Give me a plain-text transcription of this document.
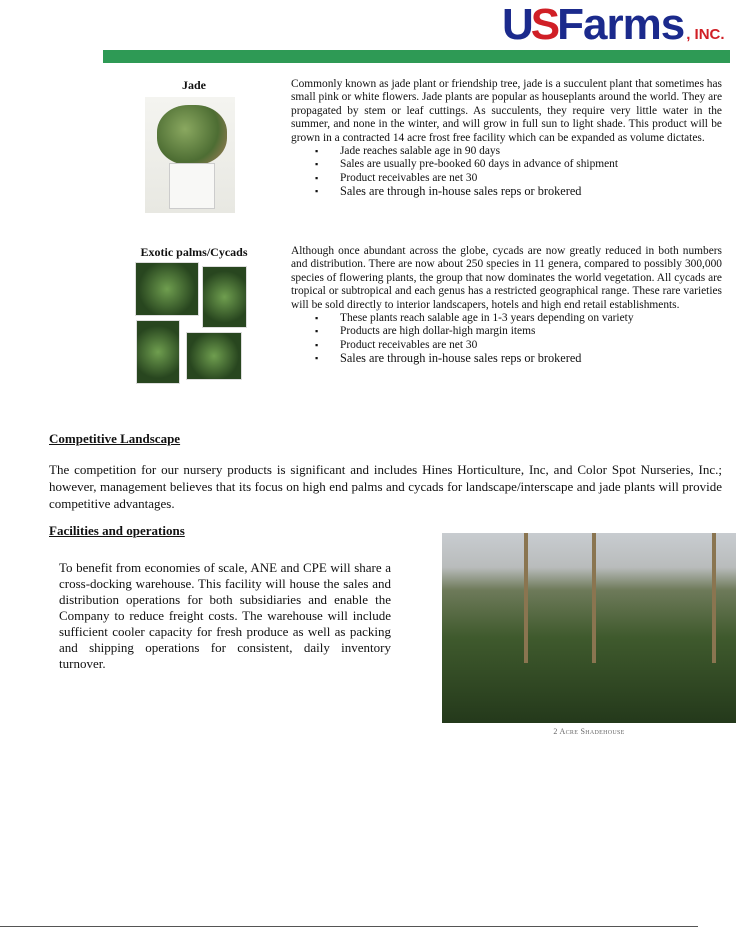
USFarms , INC.
Jade	Commonly known as jade plant or friendship tree, jade is a succulent plant that sometimes has small pink or white flowers. Jade plants are popular as houseplants around the world. They are propagated by stem or leaf cuttings. As succulents, they require very little water in the summer, and none in the winter, and will grow in full sun to light shade. This product will be grown in a contracted 14 acre frost free facility which can be expanded as volume dictates.

▪ Jade reaches salable age in 90 days
▪ Sales are usually pre-booked 60 days in advance of shipment
▪ Product receivables are net 30
▪ Sales are through in-house sales reps or brokered
Exotic palms/Cycads	Although once abundant across the globe, cycads are now greatly reduced in both numbers and distribution. There are now about 250 species in 11 genera, compared to possibly 300,000 species of flowering plants, the group that now dominates the world vegetation. All cycads are tropical or subtropical and each genus has a restricted geographical range. These rare varieties will be sold directly to interior landscapers, hotels and high end retail establishments.

▪ These plants reach salable age in 1-3 years depending on variety
▪ Products are high dollar-high margin items
▪ Product receivables are net 30
▪ Sales are through in-house sales reps or brokered
Competitive Landscape
The competition for our nursery products is significant and includes Hines Horticulture, Inc, and Color Spot Nurseries, Inc.; however, management believes that its focus on high end palms and cycads for landscape/interscape and jade plants will provide competitive advantages.
Facilities and operations
To benefit from economies of scale, ANE and CPE will share a cross-docking warehouse. This facility will house the sales and distribution operations for both subsidiaries and enable the Company to reduce freight costs. The warehouse will include sufficient cooler capacity for fresh produce as well as packing and shipping operations for consistent, daily inventory turnover.
2 Acre Shadehouse
